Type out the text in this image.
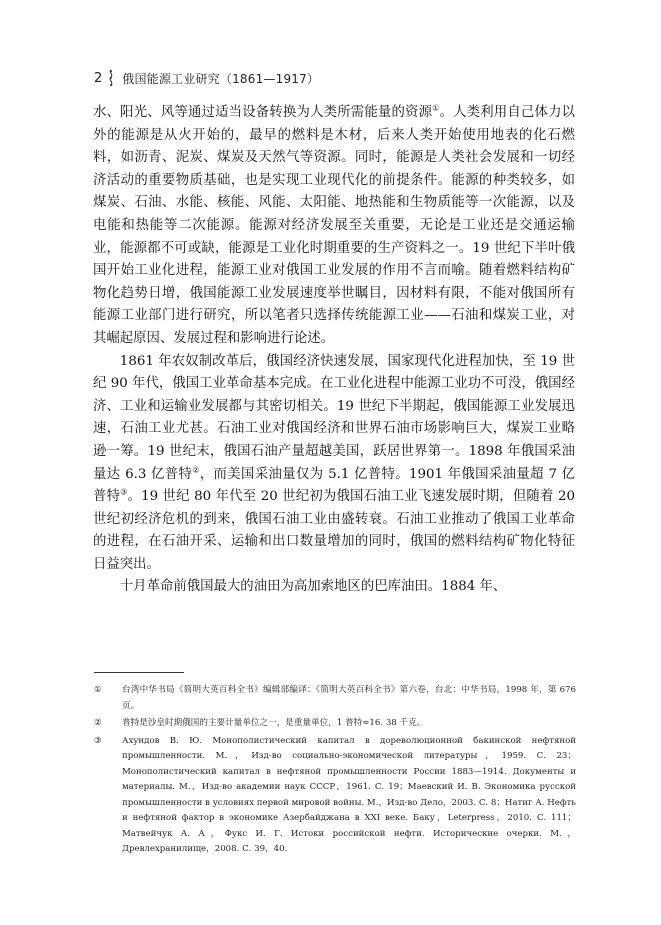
2 俄国能源工业研究（1861—1917）

水、阳光、风等通过适当设备转换为人类所需能量的资源①。人类利用自己体力以外的能源是从火开始的，最早的燃料是木材，后来人类开始使用地表的化石燃料，如沥青、泥炭、煤炭及天然气等资源。同时，能源是人类社会发展和一切经济活动的重要物质基础，也是实现工业现代化的前提条件。能源的种类较多，如煤炭、石油、水能、核能、风能、太阳能、地热能和生物质能等一次能源，以及电能和热能等二次能源。能源对经济发展至关重要，无论是工业还是交通运输业，能源都不可或缺，能源是工业化时期重要的生产资料之一。19 世纪下半叶俄国开始工业化进程，能源工业对俄国工业发展的作用不言而喻。随着燃料结构矿物化趋势日增，俄国能源工业发展速度举世瞩目，因材料有限，不能对俄国所有能源工业部门进行研究，所以笔者只选择传统能源工业——石油和煤炭工业，对其崛起原因、发展过程和影响进行论述。

1861 年农奴制改革后，俄国经济快速发展，国家现代化进程加快，至 19 世纪 90 年代，俄国工业革命基本完成。在工业化进程中能源工业功不可没，俄国经济、工业和运输业发展都与其密切相关。19 世纪下半期起，俄国能源工业发展迅速，石油工业尤甚。石油工业对俄国经济和世界石油市场影响巨大，煤炭工业略逊一筹。19 世纪末，俄国石油产量超越美国，跃居世界第一。1898 年俄国采油量达 6.3 亿普特②，而美国采油量仅为 5.1 亿普特。1901 年俄国采油量超 7 亿普特③。19 世纪 80 年代至 20 世纪初为俄国石油工业飞速发展时期，但随着 20 世纪初经济危机的到来，俄国石油工业由盛转衰。石油工业推动了俄国工业革命的进程，在石油开采、运输和出口数量增加的同时，俄国的燃料结构矿物化特征日益突出。

十月革命前俄国最大的油田为高加索地区的巴库油田。1884 年、

①	台湾中华书局《简明大英百科全书》编辑部编译：《简明大英百科全书》第六卷，台北：中华书局，1998 年，第 676 页。
②	普特是沙皇时期俄国的主要计量单位之一，是重量单位，1 普特≈16. 38 千克。
③	Ахундов В. Ю. Монополистический капитал в дореволюционной бакинской нефтяной промышленности. М.，Изд-во социально-экономической литературы，1959. С. 23；Монополистический капитал в нефтяной промышленности России 1883—1914. Документы и материалы. М.，Изд-во академии наук СССР，1961. С. 19；Маевский И. В. Экономика русской промышленности в условиях первой мировой войны. М.，Изд-во Дело，2003. С. 8；Натиг А. Нефть и нефтяной фактор в экономике Азербайджана в XXI веке. Баку，Leterpress，2010. С. 111；Матвейчук А. А，Фукс И. Г. Истоки российской нефти. Исторические очерки. М.，Древлехранилище，2008. С. 39，40.
